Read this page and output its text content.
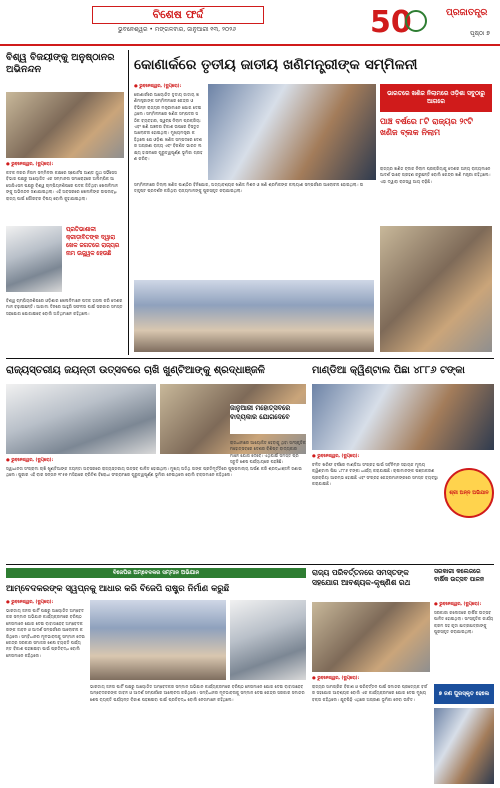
ବିଶେଷ ଫର୍ଦ୍ଦ
ଭୁବନେଶ୍ୱର • ମଙ୍ଗଳବାର, ଜାନୁଆରୀ ୧୩, ୨୦୨୬	50	ପ୍ରଜାତନ୍ତ୍ର
ପୃଷ୍ଠା ୭
ବିଶ୍ୱ ବିଜୟୀଙ୍କୁ ଅନୁଷ୍ଠାନର ଅଭିନନ୍ଦନ
● ଭୁବନେଶ୍ୱର, (ବ୍ୟୁରୋ):
କଟକ ନଗର ନିଗମ ସମ୍ମିଳନୀ କକ୍ଷରେ ସ୍ପୋର୍ଟସ ଆଣ୍ଡ ୟୁଥ ସର୍ଭିସେସ ବିଭାଗ ପକ୍ଷରୁ ଆୟୋଜିତ ଏକ ସମ୍ମାନନା ସମାରୋହରେ ଅଲିମ୍ପିକ ଆସୋସିଏସନ ପକ୍ଷରୁ ବିଶ୍ୱ ଚାମ୍ପିୟନଶିପରେ ପଦକ ଜିତିଥିବା ଖେଳାଳିମାନଙ୍କୁ ଅଭିନନ୍ଦନ ଜଣାଯାଇଥିଲା। ଏହି ଅବସରରେ ଖେଳାଳିଙ୍କ ଉପଲବ୍ଧି ରାଜ୍ୟ ପାଇଁ ଗୌରବର ବିଷୟ ବୋଲି କୁହାଯାଇଥିଲା।
ପ୍ରତିଭାଶାଳୀ କ୍ରୀଡ଼ାବିତଙ୍କ ଦ୍ୱାରା ଖେଳ ଜଗତରେ ରାଜ୍ୟର ନାମ ଉଜ୍ଜ୍ୱଳ ହେଉଛି
ବିଶ୍ୱ ଚାମ୍ପିୟନଶିପରେ ଓଡ଼ିଶାର ଖେଳାଳିମାନେ ପଦକ ହାସଲ କରି ଦେଶର ମାନ ବଢ଼ାଇଛନ୍ତି। ଆଗାମୀ ଦିନରେ ଆହୁରି ସଫଳତା ପାଇଁ ସରକାର ସମସ୍ତ ସହଯୋଗ ଯୋଗାଇବେ ବୋଲି ଅତିଥିମାନେ କହିଥିଲେ।
କୋଣାର୍କରେ ତୃତୀୟ ଜାତୀୟ ଖଣିମନ୍ତ୍ରୀଙ୍କ ସମ୍ମିଳନୀ
● ଭୁବନେଶ୍ୱର, (ବ୍ୟୁରୋ):
କୋଣାର୍କରେ ଆୟୋଜିତ ତୃତୀୟ ଜାତୀୟ ଖଣିମନ୍ତ୍ରୀଙ୍କ ସମ୍ମିଳନୀରେ କେନ୍ଦ୍ର ଓ ବିଭିନ୍ନ ରାଜ୍ୟର ମନ୍ତ୍ରୀମାନେ ଯୋଗ ଦେଇଥିଲେ। ସମ୍ମିଳନୀରେ ଖଣିଜ ସମ୍ପଦର ସଠିକ ବ୍ୟବହାର, ସ୍ୱଚ୍ଛ ନିଲାମ ପ୍ରକ୍ରିୟା ଏବଂ ଖଣି ଅଞ୍ଚଳର ବିକାଶ ଉପରେ ବିସ୍ତୃତ ଆଲୋଚନା ହୋଇଥିଲା। ମୁଖ୍ୟମନ୍ତ୍ରୀ କହିଥିଲେ ଯେ ଓଡ଼ିଶା ଖଣିଜ ସମ୍ପଦରେ ଦେଶର ଅଗ୍ରଣୀ ରାଜ୍ୟ ଏବଂ ବିକଶିତ ଭାରତ ଲକ୍ଷ୍ୟ ହାସଲରେ ଗୁରୁତ୍ୱପୂର୍ଣ୍ଣ ଭୂମିକା ଗ୍ରହଣ କରିବ।
ଭାରତରେ ଖଣିଜ ନିଲାମରେ ଓଡ଼ିଶା ସବୁଠାରୁ ଆଗରେ
ପାଞ୍ଚ ବର୍ଷରେ ୮ଟି ରାଜ୍ୟର ୨୯ଟି ଖଣିଜ ବ୍ଲକ ନିଲାମ
ରାଜ୍ୟର ଖଣିଜ ବ୍ଲକ ନିଲାମ ପ୍ରକ୍ରିୟାକୁ ଦେଶର ଅନ୍ୟ ରାଜ୍ୟମାନେ ଆଦର୍ଶ ଭାବେ ଗ୍ରହଣ କରୁଛନ୍ତି ବୋଲି କେନ୍ଦ୍ର ଖଣି ମନ୍ତ୍ରୀ କହିଥିଲେ। ଏହା ଦ୍ୱାରା ରାଜସ୍ୱ ଆୟ ବଢ଼ିଛି।
ସମ୍ମିଳନୀରେ ଜିଲ୍ଲା ଖଣିଜ ପାଣ୍ଠିର ବିନିଯୋଗ, ଅତ୍ୟାବଶ୍ୟକ ଖଣିଜ ମିଶନ ଓ ଖଣି ଶ୍ରମିକଙ୍କ କଲ୍ୟାଣ ସମ୍ପର୍କରେ ଆଲୋଚନା ହୋଇଥିଲା। ଉତ୍କୃଷ୍ଟ ପ୍ରଦର୍ଶନ କରିଥିବା ରାଜ୍ୟମାନଙ୍କୁ ପୁରସ୍କୃତ କରାଯାଇଥିଲା।
ରାଜ୍ୟସ୍ତରୀୟ ଜୟନ୍ତୀ ଉତ୍ସବରେ ଚାଖି ଖୁଣ୍ଟିଆଙ୍କୁ ଶ୍ରଦ୍ଧାଞ୍ଜଳି
● ଭୁବନେଶ୍ୱର, (ବ୍ୟୁରୋ):
ସ୍ୱାଧୀନତା ସଂଗ୍ରାମୀ ଚାଖି ଖୁଣ୍ଟିଆଙ୍କ ଜୟନ୍ତୀ ଅବସରରେ ରାଜ୍ୟସ୍ତରୀୟ ଉତ୍ସବ ପାଳିତ ହୋଇଥିଲା। ମୁଖ୍ୟ ଅତିଥି ତାଙ୍କ ପ୍ରତିମୂର୍ତ୍ତିରେ ପୁଷ୍ପମାଲ୍ୟ ଅର୍ପଣ କରି ଶ୍ରଦ୍ଧାଞ୍ଜଳି ଜଣାଇଥିଲେ। ପୁରୀର ଏହି ବୀର ସନ୍ତାନ ୧୮୫୭ ମସିହାରେ ବ୍ରିଟିଶ ବିରୋଧୀ ସଂଗ୍ରାମରେ ଗୁରୁତ୍ୱପୂର୍ଣ୍ଣ ଭୂମିକା ନେଇଥିଲେ ବୋଲି ବକ୍ତାମାନେ କହିଥିଲେ।
ଜାନୁଆରୀ ମହୋତ୍ସବରେ ବାଦ୍ୟକାର ଯୋଗଦେବେ
ମାଣ୍ଡିଆ କ୍ୱିଣ୍ଟାଲ ପିଛା ୪୮୮୬ ଟଙ୍କା
● ଭୁବନେଶ୍ୱର, (ବ୍ୟୁରୋ):
ଚଳିତ ଖରିଫ ବର୍ଷରେ ମାଣ୍ଡିଆ ସଂଗ୍ରହ ପାଇଁ ସର୍ବନିମ୍ନ ସହାୟକ ମୂଲ୍ୟ କ୍ୱିଣ୍ଟାଲ ପିଛା ୪୮୮୬ ଟଙ୍କା ଧାର୍ଯ୍ୟ କରାଯାଇଛି। ଚାଷୀମାନଙ୍କ ପଞ୍ଜୀକରଣ ପ୍ରକ୍ରିୟା ଆରମ୍ଭ ହୋଇଛି ଏବଂ ସଂଗ୍ରହ କେନ୍ଦ୍ରମାନଙ୍କରେ ସମସ୍ତ ବ୍ୟବସ୍ଥା କରାଯାଇଛି।
ଶ୍ରୀ ଅନ୍ନ ଅଭିଯାନ
ରାଜଧାନୀରେ ଆୟୋଜିତ ହେବାକୁ ଥିବା ସାଂସ୍କୃତିକ ମହୋତ୍ସବରେ ଦେଶର ବିଶିଷ୍ଟ ବାଦ୍ୟକାରମାନେ ଯୋଗ ଦେବେ। ଏଥିପାଇଁ ସମସ୍ତ ପ୍ରସ୍ତୁତି ଶେଷ ପର୍ଯ୍ୟାୟରେ ପହଞ୍ଚିଛି।
ବିଜେପିର ଅମ୍ବେଦକର ସମ୍ମାନ ଅଭିଯାନ
ଆମ୍ବେଦକରଙ୍କ ସ୍ୱପ୍ନକୁ ଆଧାର କରି ବିଜେପି ରାଷ୍ଟ୍ର ନିର୍ମାଣ କରୁଛି
● ଭୁବନେଶ୍ୱର, (ବ୍ୟୁରୋ):
ଭାରତୀୟ ଜନତା ପାର୍ଟି ପକ୍ଷରୁ ଆୟୋଜିତ ଅମ୍ବେଦକର ସମ୍ମାନ ଅଭିଯାନ କାର୍ଯ୍ୟକ୍ରମରେ ବରିଷ୍ଠ ନେତାମାନେ ଯୋଗ ଦେଇ ବାବାସାହେବ ଅମ୍ବେଦକରଙ୍କ ଜୀବନ ଓ ଆଦର୍ଶ ସମ୍ପର୍କରେ ଆଲୋଚନା କରିଥିଲେ। ସମ୍ବିଧାନର ମୂଳଭାବନାକୁ ସମ୍ମାନ ଦେଇ କେନ୍ଦ୍ର ସରକାର ସମାଜର ଶେଷ ବ୍ୟକ୍ତି ପର୍ଯ୍ୟନ୍ତ ବିକାଶ ପହଞ୍ଚାଇବା ପାଇଁ ପ୍ରତିବଦ୍ଧ ବୋଲି ନେତାମାନେ କହିଥିଲେ।
ଭାରତୀୟ ଜନତା ପାର୍ଟି ପକ୍ଷରୁ ଆୟୋଜିତ ଅମ୍ବେଦକର ସମ୍ମାନ ଅଭିଯାନ କାର୍ଯ୍ୟକ୍ରମରେ ବରିଷ୍ଠ ନେତାମାନେ ଯୋଗ ଦେଇ ବାବାସାହେବ ଅମ୍ବେଦକରଙ୍କ ଜୀବନ ଓ ଆଦର୍ଶ ସମ୍ପର୍କରେ ଆଲୋଚନା କରିଥିଲେ। ସମ୍ବିଧାନର ମୂଳଭାବନାକୁ ସମ୍ମାନ ଦେଇ କେନ୍ଦ୍ର ସରକାର ସମାଜର ଶେଷ ବ୍ୟକ୍ତି ପର୍ଯ୍ୟନ୍ତ ବିକାଶ ପହଞ୍ଚାଇବା ପାଇଁ ପ୍ରତିବଦ୍ଧ ବୋଲି ନେତାମାନେ କହିଥିଲେ।
ରାଜ୍ୟ ପରିବର୍ତ୍ତନରେ ସମସ୍ତଙ୍କ ସହଯୋଗ ଆବଶ୍ୟକ-କୃଷ୍ଣିଶ ରଥ
● ଭୁବନେଶ୍ୱର, (ବ୍ୟୁରୋ):
ରାଜ୍ୟର ସାମଗ୍ରିକ ବିକାଶ ଓ ପରିବର୍ତ୍ତନ ପାଇଁ ସମାଜର ପ୍ରତ୍ୟେକ ବର୍ଗର ସହଯୋଗ ଆବଶ୍ୟକ ବୋଲି ଏକ କାର୍ଯ୍ୟକ୍ରମରେ ଯୋଗ ଦେଇ ମୁଖ୍ୟ ବକ୍ତା କହିଥିଲେ। ଯୁବପିଢ଼ି ଏଥିରେ ଅଗ୍ରଣୀ ଭୂମିକା ନେବା ଉଚିତ।
ସରକାରୀ କଲେଜରେ ବାର୍ଷିକ ଉତ୍ସବ ପାଳନ
● ଭୁବନେଶ୍ୱର, (ବ୍ୟୁରୋ):
ସରକାରୀ କଲେଜରେ ବାର୍ଷିକ ଉତ୍ସବ ପାଳିତ ହୋଇଥିଲା। ସାଂସ୍କୃତିକ କାର୍ଯ୍ୟକ୍ରମ ସହ କୃତୀ ଛାତ୍ରଛାତ୍ରୀଙ୍କୁ ପୁରସ୍କୃତ କରାଯାଇଥିଲା।
୭ ଜଣ ପୁରସ୍କୃତ ହେଲେ
